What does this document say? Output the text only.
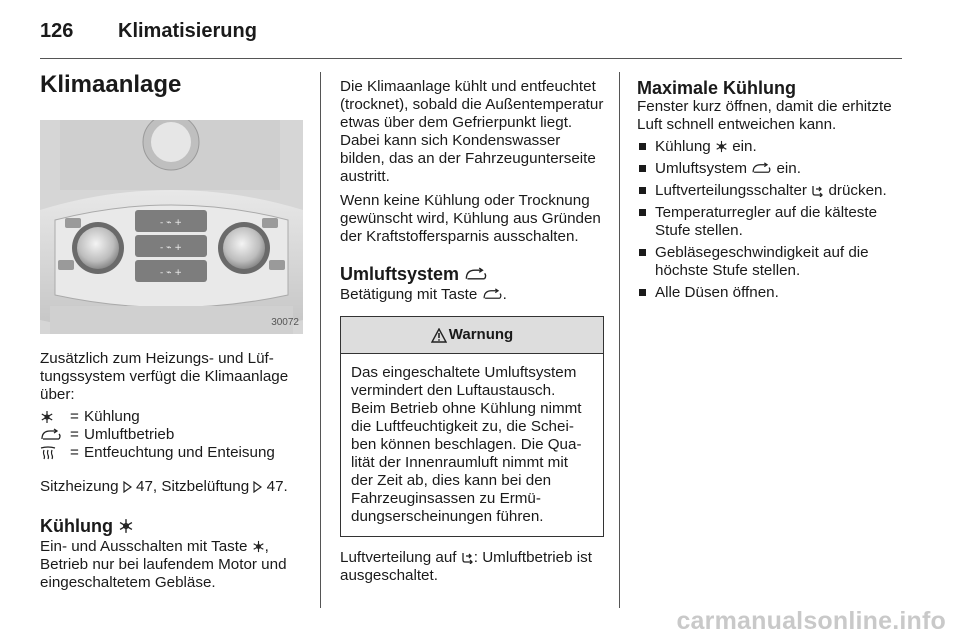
126 Klimatisierung

Klimaanlage

- ⌁ +
- ⌁ +
- ⌁ +
30072

Zusätzlich zum Heizungs- und Lüftungssystem verfügt die Klimaanlage über:

= Kühlung
= Umluftbetrieb
= Entfeuchtung und Enteisung

Sitzheizung 47, Sitzbelüftung 47.

Kühlung

Ein- und Ausschalten mit Taste , Betrieb nur bei laufendem Motor und eingeschaltetem Gebläse.

Die Klimaanlage kühlt und entfeuchtet (trocknet), sobald die Außentemperatur etwas über dem Gefrierpunkt liegt. Dabei kann sich Kondenswasser bilden, das an der Fahrzeugunterseite austritt.

Wenn keine Kühlung oder Trocknung gewünscht wird, Kühlung aus Gründen der Kraftstoffersparnis ausschalten.

Umluftsystem

Betätigung mit Taste .

Warnung
Das eingeschaltete Umluftsystem vermindert den Luftaustausch. Beim Betrieb ohne Kühlung nimmt die Luftfeuchtigkeit zu, die Scheiben können beschlagen. Die Qualität der Innenraumluft nimmt mit der Zeit ab, dies kann bei den Fahrzeuginsassen zu Ermüdungserscheinungen führen.

Luftverteilung auf : Umluftbetrieb ist ausgeschaltet.

Maximale Kühlung

Fenster kurz öffnen, damit die erhitzte Luft schnell entweichen kann.

Kühlung ein.
Umluftsystem ein.
Luftverteilungsschalter drücken.
Temperaturregler auf die kälteste Stufe stellen.
Gebläsegeschwindigkeit auf die höchste Stufe stellen.
Alle Düsen öffnen.
carmanualsonline.info
